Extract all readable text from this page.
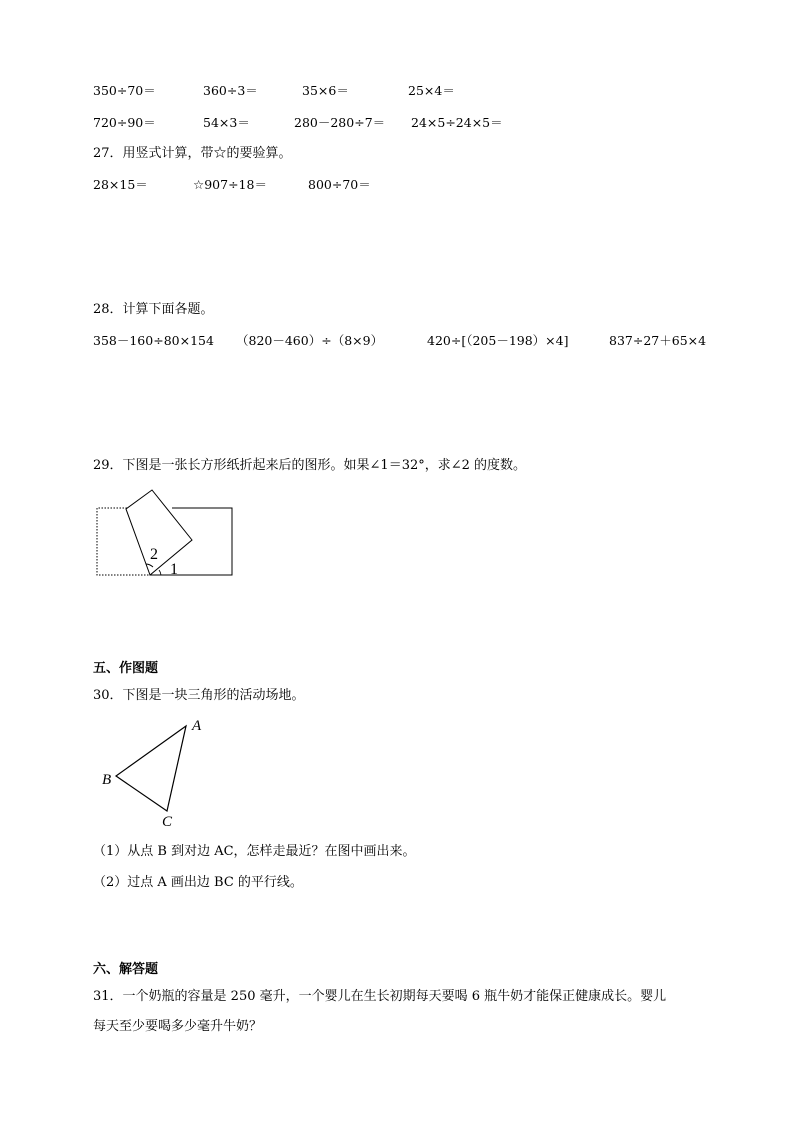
350÷70＝	360÷3＝	35×6＝	25×4＝
720÷90＝	54×3＝	280－280÷7＝ 24×5÷24×5＝
27．用竖式计算，带☆的要验算。
28×15＝	☆907÷18＝	800÷70＝
28．计算下面各题。
358－160÷80×154 （820－460）÷（8×9）	420÷[（205－198）×4]	837÷27＋65×4
29．下图是一张长方形纸折起来后的图形。如果∠1＝32°，求∠2 的度数。
2
1
五、作图题
30．下图是一块三角形的活动场地。
A
B
C
（1）从点 B 到对边 AC，怎样走最近？在图中画出来。
（2）过点 A 画出边 BC 的平行线。
六、解答题
31．一个奶瓶的容量是 250 毫升，一个婴儿在生长初期每天要喝 6 瓶牛奶才能保正健康成长。婴儿
每天至少要喝多少毫升牛奶？
